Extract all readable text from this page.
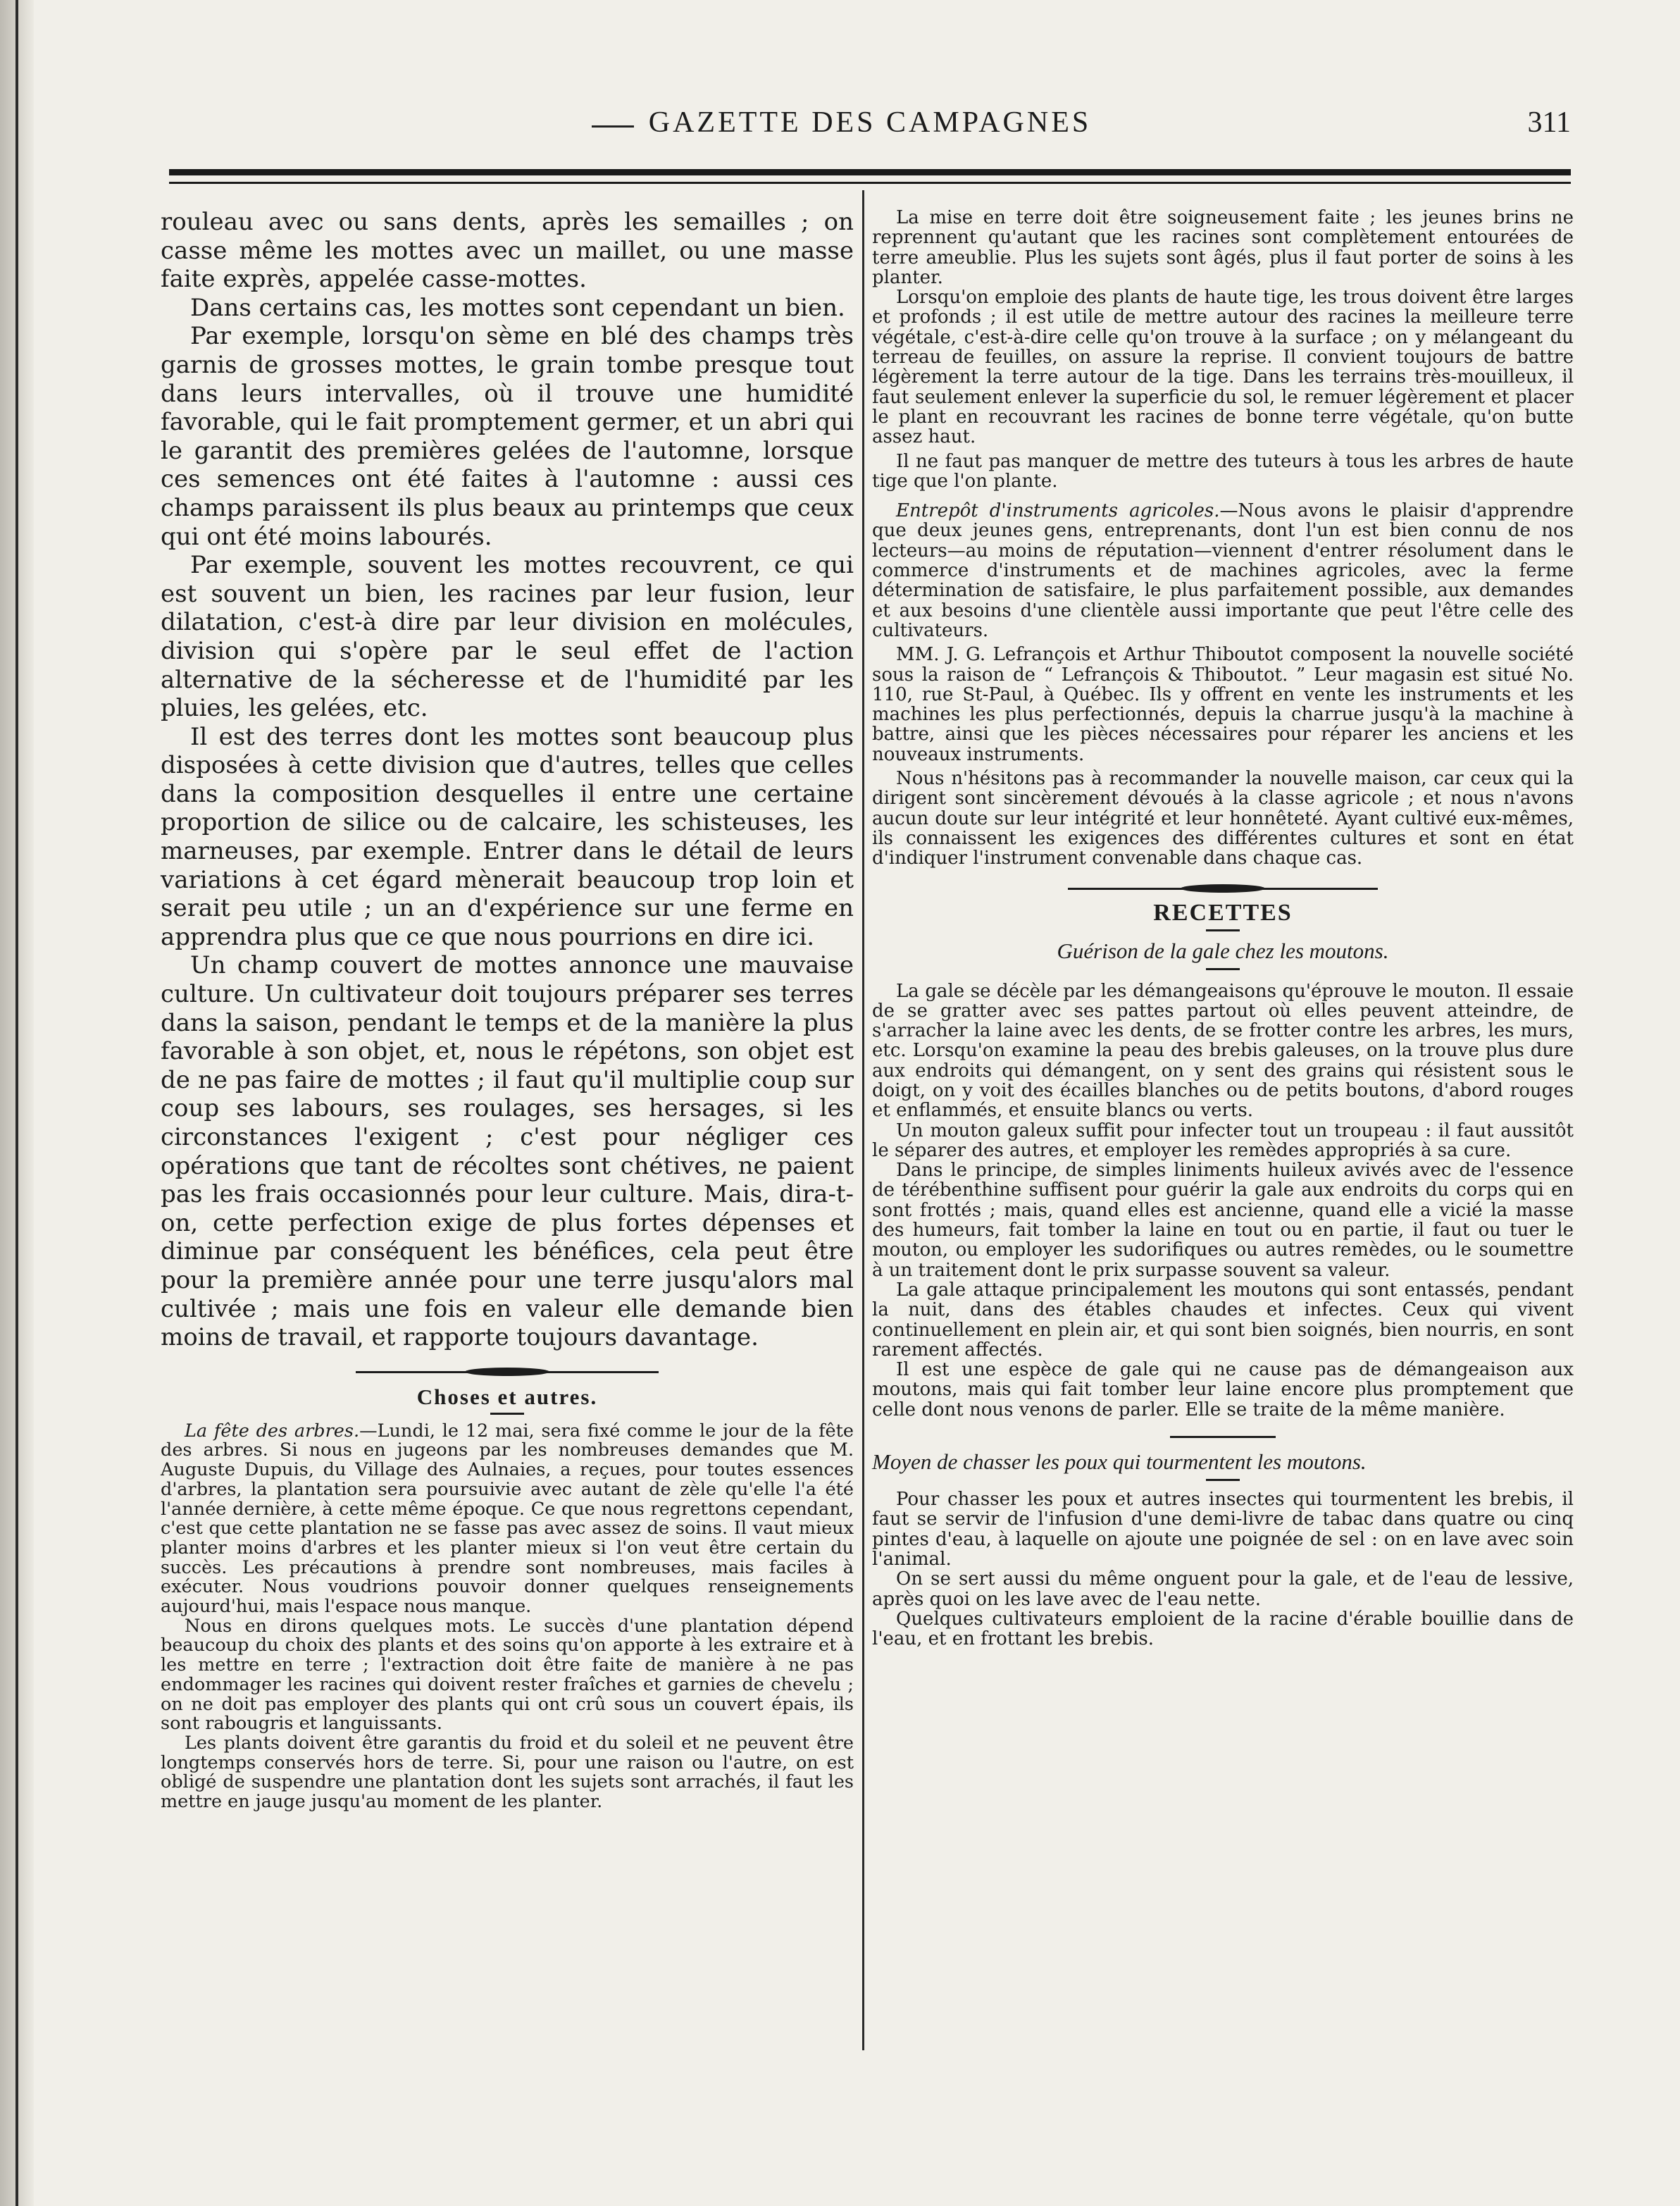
GAZETTE DES CAMPAGNES	311

rouleau avec ou sans dents, après les semailles ; on casse même les mottes avec un maillet, ou une masse faite exprès, appelée casse-mottes.

Dans certains cas, les mottes sont cependant un bien.

Par exemple, lorsqu'on sème en blé des champs très garnis de grosses mottes, le grain tombe presque tout dans leurs intervalles, où il trouve une humidité favorable, qui le fait promptement germer, et un abri qui le garantit des premières gelées de l'automne, lorsque ces semences ont été faites à l'automne : aussi ces champs paraissent ils plus beaux au printemps que ceux qui ont été moins labourés.

Par exemple, souvent les mottes recouvrent, ce qui est souvent un bien, les racines par leur fusion, leur dilatation, c'est-à dire par leur division en molécules, division qui s'opère par le seul effet de l'action alternative de la sécheresse et de l'humidité par les pluies, les gelées, etc.

Il est des terres dont les mottes sont beaucoup plus disposées à cette division que d'autres, telles que celles dans la composition desquelles il entre une certaine proportion de silice ou de calcaire, les schisteuses, les marneuses, par exemple. Entrer dans le détail de leurs variations à cet égard mènerait beaucoup trop loin et serait peu utile ; un an d'expérience sur une ferme en apprendra plus que ce que nous pourrions en dire ici.

Un champ couvert de mottes annonce une mauvaise culture. Un cultivateur doit toujours préparer ses terres dans la saison, pendant le temps et de la manière la plus favorable à son objet, et, nous le répétons, son objet est de ne pas faire de mottes ; il faut qu'il multiplie coup sur coup ses labours, ses roulages, ses hersages, si les circonstances l'exigent ; c'est pour négliger ces opérations que tant de récoltes sont chétives, ne paient pas les frais occasionnés pour leur culture. Mais, dira-t-on, cette perfection exige de plus fortes dépenses et diminue par conséquent les bénéfices, cela peut être pour la première année pour une terre jusqu'alors mal cultivée ; mais une fois en valeur elle demande bien moins de travail, et rapporte toujours davantage.

Choses et autres.

La fête des arbres.—Lundi, le 12 mai, sera fixé comme le jour de la fête des arbres. Si nous en jugeons par les nombreuses demandes que M. Auguste Dupuis, du Village des Aulnaies, a reçues, pour toutes essences d'arbres, la plantation sera poursuivie avec autant de zèle qu'elle l'a été l'année dernière, à cette même époque. Ce que nous regrettons cependant, c'est que cette plantation ne se fasse pas avec assez de soins. Il vaut mieux planter moins d'arbres et les planter mieux si l'on veut être certain du succès. Les précautions à prendre sont nombreuses, mais faciles à exécuter. Nous voudrions pouvoir donner quelques renseignements aujourd'hui, mais l'espace nous manque.

Nous en dirons quelques mots. Le succès d'une plantation dépend beaucoup du choix des plants et des soins qu'on apporte à les extraire et à les mettre en terre ; l'extraction doit être faite de manière à ne pas endommager les racines qui doivent rester fraîches et garnies de chevelu ; on ne doit pas employer des plants qui ont crû sous un couvert épais, ils sont rabougris et languissants.

Les plants doivent être garantis du froid et du soleil et ne peuvent être longtemps conservés hors de terre. Si, pour une raison ou l'autre, on est obligé de suspendre une plantation dont les sujets sont arrachés, il faut les mettre en jauge jusqu'au moment de les planter.

La mise en terre doit être soigneusement faite ; les jeunes brins ne reprennent qu'autant que les racines sont complètement entourées de terre ameublie. Plus les sujets sont âgés, plus il faut porter de soins à les planter.

Lorsqu'on emploie des plants de haute tige, les trous doivent être larges et profonds ; il est utile de mettre autour des racines la meilleure terre végétale, c'est-à-dire celle qu'on trouve à la surface ; on y mélangeant du terreau de feuilles, on assure la reprise. Il convient toujours de battre légèrement la terre autour de la tige. Dans les terrains très-mouilleux, il faut seulement enlever la superficie du sol, le remuer légèrement et placer le plant en recouvrant les racines de bonne terre végétale, qu'on butte assez haut.

Il ne faut pas manquer de mettre des tuteurs à tous les arbres de haute tige que l'on plante.

Entrepôt d'instruments agricoles.—Nous avons le plaisir d'apprendre que deux jeunes gens, entreprenants, dont l'un est bien connu de nos lecteurs—au moins de réputation—viennent d'entrer résolument dans le commerce d'instruments et de machines agricoles, avec la ferme détermination de satisfaire, le plus parfaitement possible, aux demandes et aux besoins d'une clientèle aussi importante que peut l'être celle des cultivateurs.

MM. J. G. Lefrançois et Arthur Thiboutot composent la nouvelle société sous la raison de “ Lefrançois & Thiboutot. ” Leur magasin est situé No. 110, rue St-Paul, à Québec. Ils y offrent en vente les instruments et les machines les plus perfectionnés, depuis la charrue jusqu'à la machine à battre, ainsi que les pièces nécessaires pour réparer les anciens et les nouveaux instruments.

Nous n'hésitons pas à recommander la nouvelle maison, car ceux qui la dirigent sont sincèrement dévoués à la classe agricole ; et nous n'avons aucun doute sur leur intégrité et leur honnêteté. Ayant cultivé eux-mêmes, ils connaissent les exigences des différentes cultures et sont en état d'indiquer l'instrument convenable dans chaque cas.

RECETTES
Guérison de la gale chez les moutons.

La gale se décèle par les démangeaisons qu'éprouve le mouton. Il essaie de se gratter avec ses pattes partout où elles peuvent atteindre, de s'arracher la laine avec les dents, de se frotter contre les arbres, les murs, etc. Lorsqu'on examine la peau des brebis galeuses, on la trouve plus dure aux endroits qui démangent, on y sent des grains qui résistent sous le doigt, on y voit des écailles blanches ou de petits boutons, d'abord rouges et enflammés, et ensuite blancs ou verts.

Un mouton galeux suffit pour infecter tout un troupeau : il faut aussitôt le séparer des autres, et employer les remèdes appropriés à sa cure.

Dans le principe, de simples liniments huileux avivés avec de l'essence de térébenthine suffisent pour guérir la gale aux endroits du corps qui en sont frottés ; mais, quand elles est ancienne, quand elle a vicié la masse des humeurs, fait tomber la laine en tout ou en partie, il faut ou tuer le mouton, ou employer les sudorifiques ou autres remèdes, ou le soumettre à un traitement dont le prix surpasse souvent sa valeur.

La gale attaque principalement les moutons qui sont entassés, pendant la nuit, dans des étables chaudes et infectes. Ceux qui vivent continuellement en plein air, et qui sont bien soignés, bien nourris, en sont rarement affectés.

Il est une espèce de gale qui ne cause pas de démangeaison aux moutons, mais qui fait tomber leur laine encore plus promptement que celle dont nous venons de parler. Elle se traite de la même manière.

Moyen de chasser les poux qui tourmentent les moutons.

Pour chasser les poux et autres insectes qui tourmentent les brebis, il faut se servir de l'infusion d'une demi-livre de tabac dans quatre ou cinq pintes d'eau, à laquelle on ajoute une poignée de sel : on en lave avec soin l'animal.

On se sert aussi du même onguent pour la gale, et de l'eau de lessive, après quoi on les lave avec de l'eau nette.

Quelques cultivateurs emploient de la racine d'érable bouillie dans de l'eau, et en frottant les brebis.
